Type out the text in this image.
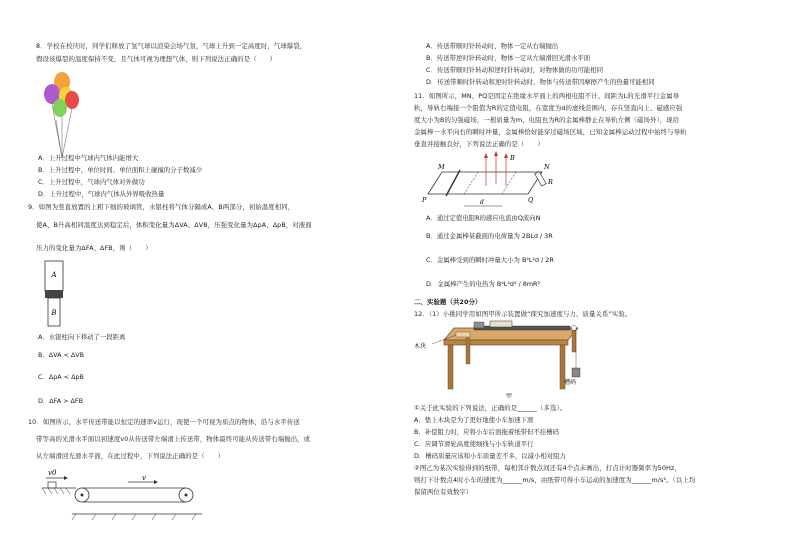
8．学校在校庆时，同学们释放了氢气球以渲染会场气氛，气球上升到一定高度时，气球爆裂，
假设该爆裂的温度保持不变，且气体可视为理想气体，则下列说法正确的是（　　）
A．上升过程中气球内气体内能增大
B．上升过程中，单位时间、单位面积上碰撞的分子数减少
C．上升过程中，气球内气体对外做功
D．上升过程中，气球内气体从外界吸收热量
9．如图为竖直放置的上粗下细的玻璃管，水银柱将气体分隔成A、B两部分，初始温度相同，
使A、B升高相同温度达到稳定后，体积变化量为ΔVA、ΔVB，压强变化量为ΔpA、ΔpB，对液面
压力的变化量为ΔFA、ΔFB，则（　　）
A
B
A．水银柱向下移动了一段距离
B．ΔVA < ΔVB
C．ΔpA < ΔpB
D．ΔFA > ΔFB
10．如图所示，水平传送带能以恒定的速率v运行，现使一个可视为质点的物体，沿与水平传送
带等高的光滑水平面以初速度v0从传送带左端滑上传送带，物体最终可能从传送带右端抛出，或
从左端滑回光滑水平面，在此过程中，下列说法正确的是（　　）
v0
v
A．传送带顺时针转动时，物体一定从右端抛出
B．传送带逆时针转动时，物体一定从左端滑回光滑水平面
C．传送带顺时针转动和逆时针转动时，对物体做的功可能相同
D．传送带顺时针转动和逆时针转动时，物体与传送带因摩擦产生的热量可能相同
11．如图所示，MN、PQ是固定在绝缘水平面上的两根电阻不计、间距为L的光滑平行金属导
轨，导轨右端接一个阻值为R的定值电阻，在宽度为d的虚线范围内，存在竖直向上、磁感应强
度大小为B的匀强磁场，一根质量为m、电阻也为R的金属棒静止在导轨左侧（磁场外），现给
金属棒一水平向右的瞬时冲量，金属棒恰好能穿过磁场区域，已知金属棒运动过程中始终与导轨
垂直并接触良好，下列说法正确的是（　　）
M	N
P	Q
R
B
d
A．通过定值电阻R的感应电流由Q流向N
B．通过金属棒某截面的电荷量为 2BLd / 3R
C．金属棒受到的瞬时冲量大小为 B²L²d / 2R
D．金属棒产生的电热为 B⁴L⁴d² / 8mR²
二、实验题（共20分）
12．（1）小挑同学用如图甲所示装置做“探究加速度与力、质量关系”实验。
木块
槽码
甲
①关于此实验的下列说法，正确的是______（多选）。
A．垫上木块是为了更好地使小车加速下滑
B．补偿阻力时，应将小车后面拖着纸带但不挂槽码
C．应调节滑轮高度使细线与小车轨道平行
D．槽码质量应该和小车质量差不多，以减小相对阻力
②图乙为某次实验得到的纸带，每相邻计数点间还有4个点未画出，打点计时器频率为50Hz，
则打下计数点4时小车的速度为______m/s，由纸带可得小车运动的加速度为______m/s²。（以上均
保留两位有效数字）
